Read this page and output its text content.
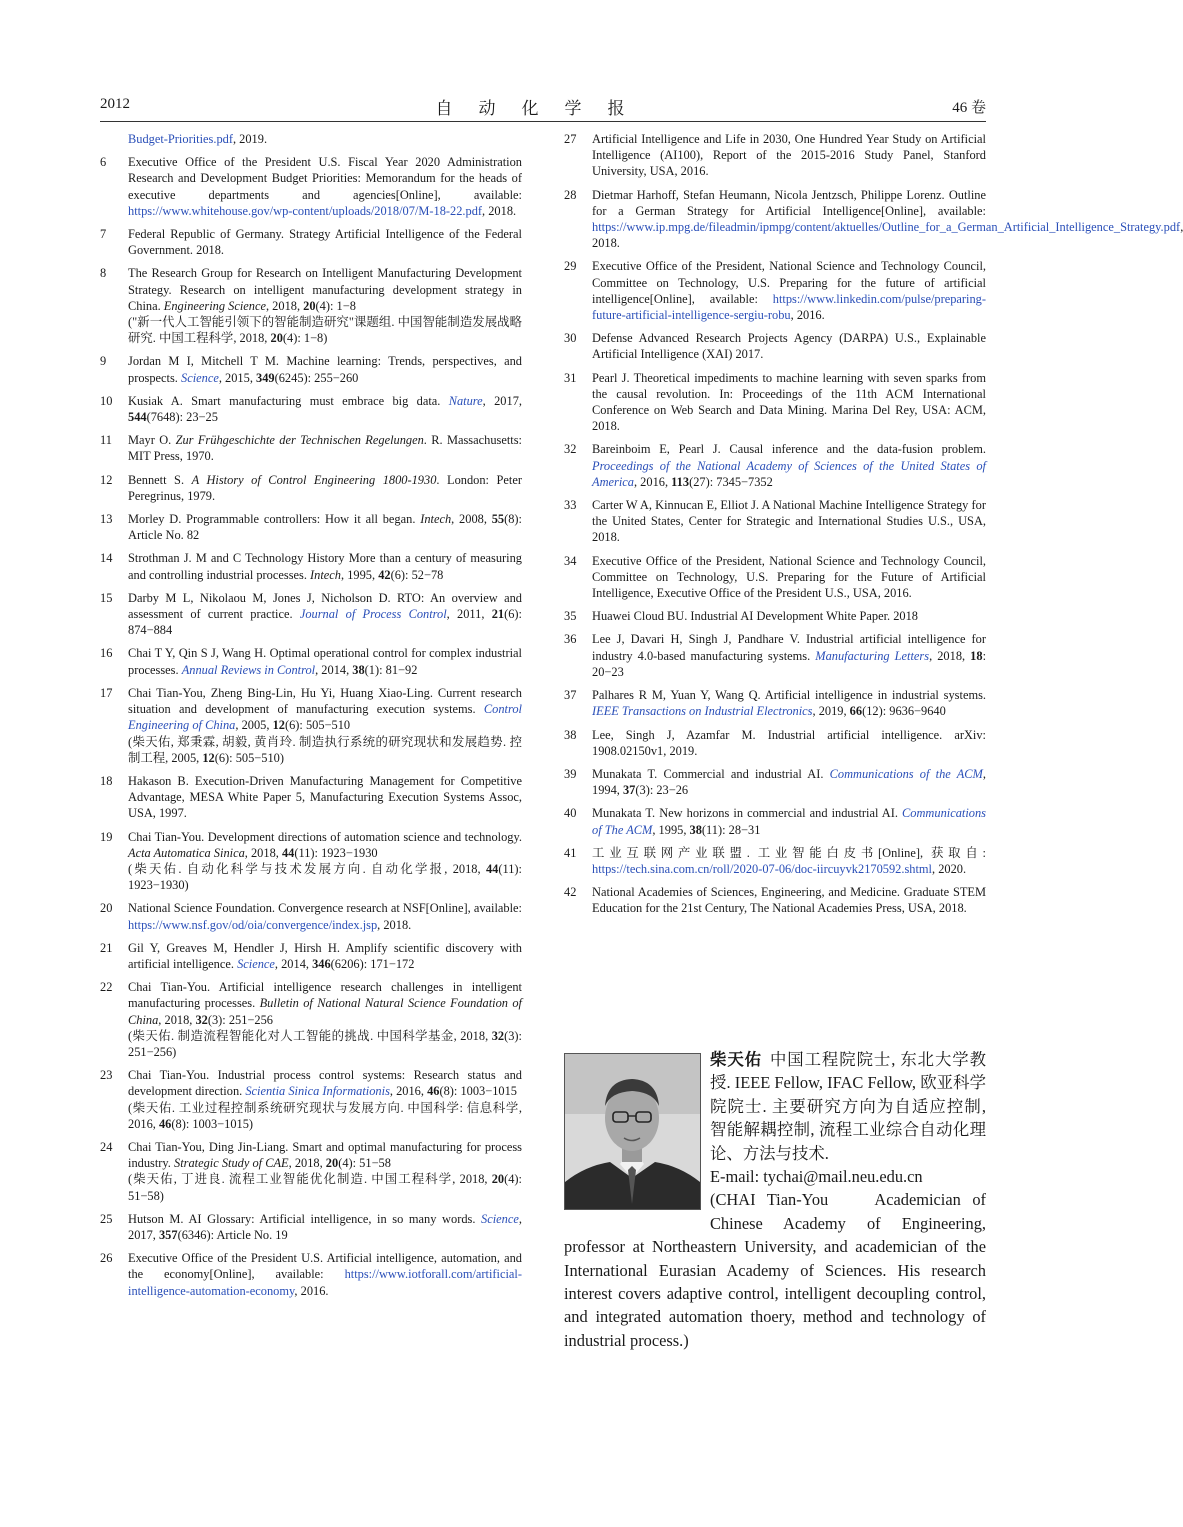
2012	自动化学报	46 卷
Budget-Priorities.pdf, 2019.
6 Executive Office of the President U.S. Fiscal Year 2020 Administration Research and Development Budget Priorities: Memorandum for the heads of executive departments and agencies[Online], available: https://www.whitehouse.gov/wp-content/uploads/2018/07/M-18-22.pdf, 2018.
7 Federal Republic of Germany. Strategy Artificial Intelligence of the Federal Government. 2018.
8 The Research Group for Research on Intelligent Manufacturing Development Strategy. Research on intelligent manufacturing development strategy in China. Engineering Science, 2018, 20(4): 1−8
("新一代人工智能引领下的智能制造研究"课题组. 中国智能制造发展战略研究. 中国工程科学, 2018, 20(4): 1−8)
9 Jordan M I, Mitchell T M. Machine learning: Trends, perspectives, and prospects. Science, 2015, 349(6245): 255−260
10 Kusiak A. Smart manufacturing must embrace big data. Nature, 2017, 544(7648): 23−25
11 Mayr O. Zur Frühgeschichte der Technischen Regelungen. R. Massachusetts: MIT Press, 1970.
12 Bennett S. A History of Control Engineering 1800-1930. London: Peter Peregrinus, 1979.
13 Morley D. Programmable controllers: How it all began. Intech, 2008, 55(8): Article No. 82
14 Strothman J. M and C Technology History More than a century of measuring and controlling industrial processes. Intech, 1995, 42(6): 52−78
15 Darby M L, Nikolaou M, Jones J, Nicholson D. RTO: An overview and assessment of current practice. Journal of Process Control, 2011, 21(6): 874−884
16 Chai T Y, Qin S J, Wang H. Optimal operational control for complex industrial processes. Annual Reviews in Control, 2014, 38(1): 81−92
17 Chai Tian-You, Zheng Bing-Lin, Hu Yi, Huang Xiao-Ling. Current research situation and development of manufacturing execution systems. Control Engineering of China, 2005, 12(6): 505−510
(柴天佑, 郑秉霖, 胡毅, 黄肖玲. 制造执行系统的研究现状和发展趋势. 控制工程, 2005, 12(6): 505−510)
18 Hakason B. Execution-Driven Manufacturing Management for Competitive Advantage, MESA White Paper 5, Manufacturing Execution Systems Assoc, USA, 1997.
19 Chai Tian-You. Development directions of automation science and technology. Acta Automatica Sinica, 2018, 44(11): 1923−1930
(柴天佑. 自动化科学与技术发展方向. 自动化学报, 2018, 44(11): 1923−1930)
20 National Science Foundation. Convergence research at NSF[Online], available: https://www.nsf.gov/od/oia/convergence/index.jsp, 2018.
21 Gil Y, Greaves M, Hendler J, Hirsh H. Amplify scientific discovery with artificial intelligence. Science, 2014, 346(6206): 171−172
22 Chai Tian-You. Artificial intelligence research challenges in intelligent manufacturing processes. Bulletin of National Natural Science Foundation of China, 2018, 32(3): 251−256
(柴天佑. 制造流程智能化对人工智能的挑战. 中国科学基金, 2018, 32(3): 251−256)
23 Chai Tian-You. Industrial process control systems: Research status and development direction. Scientia Sinica Informationis, 2016, 46(8): 1003−1015
(柴天佑. 工业过程控制系统研究现状与发展方向. 中国科学: 信息科学, 2016, 46(8): 1003−1015)
24 Chai Tian-You, Ding Jin-Liang. Smart and optimal manufacturing for process industry. Strategic Study of CAE, 2018, 20(4): 51−58
(柴天佑, 丁进良. 流程工业智能优化制造. 中国工程科学, 2018, 20(4): 51−58)
25 Hutson M. AI Glossary: Artificial intelligence, in so many words. Science, 2017, 357(6346): Article No. 19
26 Executive Office of the President U.S. Artificial intelligence, automation, and the economy[Online], available: https://www.iotforall.com/artificial-intelligence-automation-economy, 2016.
27 Artificial Intelligence and Life in 2030, One Hundred Year Study on Artificial Intelligence (AI100), Report of the 2015-2016 Study Panel, Stanford University, USA, 2016.
28 Dietmar Harhoff, Stefan Heumann, Nicola Jentzsch, Philippe Lorenz. Outline for a German Strategy for Artificial Intelligence[Online], available: https://www.ip.mpg.de/fileadmin/ipmpg/content/aktuelles/Outline_for_a_German_Artificial_Intelligence_Strategy.pdf, 2018.
29 Executive Office of the President, National Science and Technology Council, Committee on Technology, U.S. Preparing for the future of artificial intelligence[Online], available: https://www.linkedin.com/pulse/preparing-future-artificial-intelligence-sergiu-robu, 2016.
30 Defense Advanced Research Projects Agency (DARPA) U.S., Explainable Artificial Intelligence (XAI) 2017.
31 Pearl J. Theoretical impediments to machine learning with seven sparks from the causal revolution. In: Proceedings of the 11th ACM International Conference on Web Search and Data Mining. Marina Del Rey, USA: ACM, 2018.
32 Bareinboim E, Pearl J. Causal inference and the data-fusion problem. Proceedings of the National Academy of Sciences of the United States of America, 2016, 113(27): 7345−7352
33 Carter W A, Kinnucan E, Elliot J. A National Machine Intelligence Strategy for the United States, Center for Strategic and International Studies U.S., USA, 2018.
34 Executive Office of the President, National Science and Technology Council, Committee on Technology, U.S. Preparing for the Future of Artificial Intelligence, Executive Office of the President U.S., USA, 2016.
35 Huawei Cloud BU. Industrial AI Development White Paper. 2018
36 Lee J, Davari H, Singh J, Pandhare V. Industrial artificial intelligence for industry 4.0-based manufacturing systems. Manufacturing Letters, 2018, 18: 20−23
37 Palhares R M, Yuan Y, Wang Q. Artificial intelligence in industrial systems. IEEE Transactions on Industrial Electronics, 2019, 66(12): 9636−9640
38 Lee, Singh J, Azamfar M. Industrial artificial intelligence. arXiv: 1908.02150v1, 2019.
39 Munakata T. Commercial and industrial AI. Communications of the ACM, 1994, 37(3): 23−26
40 Munakata T. New horizons in commercial and industrial AI. Communications of The ACM, 1995, 38(11): 28−31
41 工业互联网产业联盟. 工业智能白皮书[Online], 获取自: https://tech.sina.com.cn/roll/2020-07-06/doc-iircuyvk2170592.shtml, 2020.
42 National Academies of Sciences, Engineering, and Medicine. Graduate STEM Education for the 21st Century, The National Academies Press, USA, 2018.
柴天佑 中国工程院院士, 东北大学教授. IEEE Fellow, IFAC Fellow, 欧亚科学院院士. 主要研究方向为自适应控制, 智能解耦控制, 流程工业综合自动化理论、方法与技术.
E-mail: tychai@mail.neu.edu.cn
(CHAI Tian-You	Academician of Chinese Academy of Engineering, professor at Northeastern University, and academician of the International Eurasian Academy of Sciences. His research interest covers adaptive control, intelligent decoupling control, and integrated automation thoery, method and technology of industrial process.)
